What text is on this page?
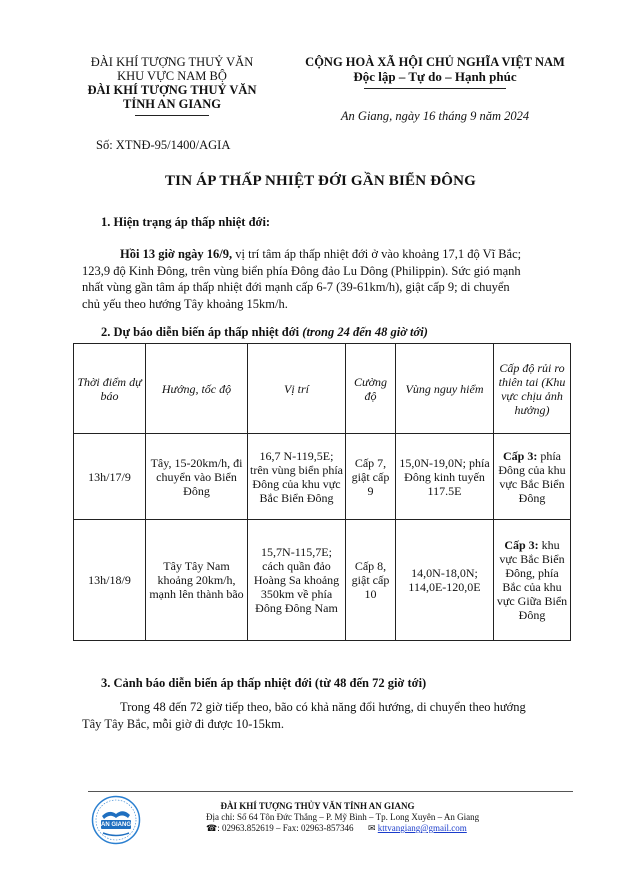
ĐÀI KHÍ TƯỢNG THUỶ VĂN
KHU VỰC NAM BỘ
ĐÀI KHÍ TƯỢNG THUỶ VĂN
TỈNH AN GIANG
Số: XTNĐ-95/1400/AGIA
CỘNG HOÀ XÃ HỘI CHỦ NGHĨA VIỆT NAM
Độc lập – Tự do – Hạnh phúc
An Giang, ngày 16 tháng 9 năm 2024
TIN ÁP THẤP NHIỆT ĐỚI GẦN BIỂN ĐÔNG
1. Hiện trạng áp thấp nhiệt đới:
Hồi 13 giờ ngày 16/9, vị trí tâm áp thấp nhiệt đới ở vào khoảng 17,1 độ Vĩ Bắc;
123,9 độ Kinh Đông, trên vùng biển phía Đông đảo Lu Dông (Philippin). Sức gió mạnh
nhất vùng gần tâm áp thấp nhiệt đới mạnh cấp 6-7 (39-61km/h), giật cấp 9; di chuyển
chủ yếu theo hướng Tây khoảng 15km/h.
2. Dự báo diễn biến áp thấp nhiệt đới (trong 24 đến 48 giờ tới)
Thời điểm dự báo	Hướng, tốc độ	Vị trí	Cường độ	Vùng nguy hiểm	Cấp độ rủi ro thiên tai (Khu vực chịu ảnh hưởng)
13h/17/9	Tây, 15-20km/h, đi chuyển vào Biển Đông	16,7 N-119,5E; trên vùng biển phía Đông của khu vực Bắc Biển Đông	Cấp 7, giật cấp 9	15,0N-19,0N; phía Đông kinh tuyến 117.5E	Cấp 3: phía Đông của khu vực Bắc Biển Đông
13h/18/9	Tây Tây Nam khoảng 20km/h, mạnh lên thành bão	15,7N-115,7E; cách quần đảo Hoàng Sa khoảng 350km về phía Đông Đông Nam	Cấp 8, giật cấp 10	14,0N-18,0N; 114,0E-120,0E	Cấp 3: khu vực Bắc Biển Đông, phía Bắc của khu vực Giữa Biển Đông
3. Cảnh báo diễn biến áp thấp nhiệt đới (từ 48 đến 72 giờ tới)
Trong 48 đến 72 giờ tiếp theo, bão có khả năng đổi hướng, di chuyển theo hướng
Tây Tây Bắc, mỗi giờ đi được 10-15km.
AN GIANG
ĐÀI KHÍ TƯỢNG THỦY VĂN TỈNH AN GIANG
Địa chỉ: Số 64 Tôn Đức Thắng – P. Mỹ Bình – Tp. Long Xuyên – An Giang
☎: 02963.852619 – Fax: 02963-857346 ✉ kttvangiang@gmail.com
